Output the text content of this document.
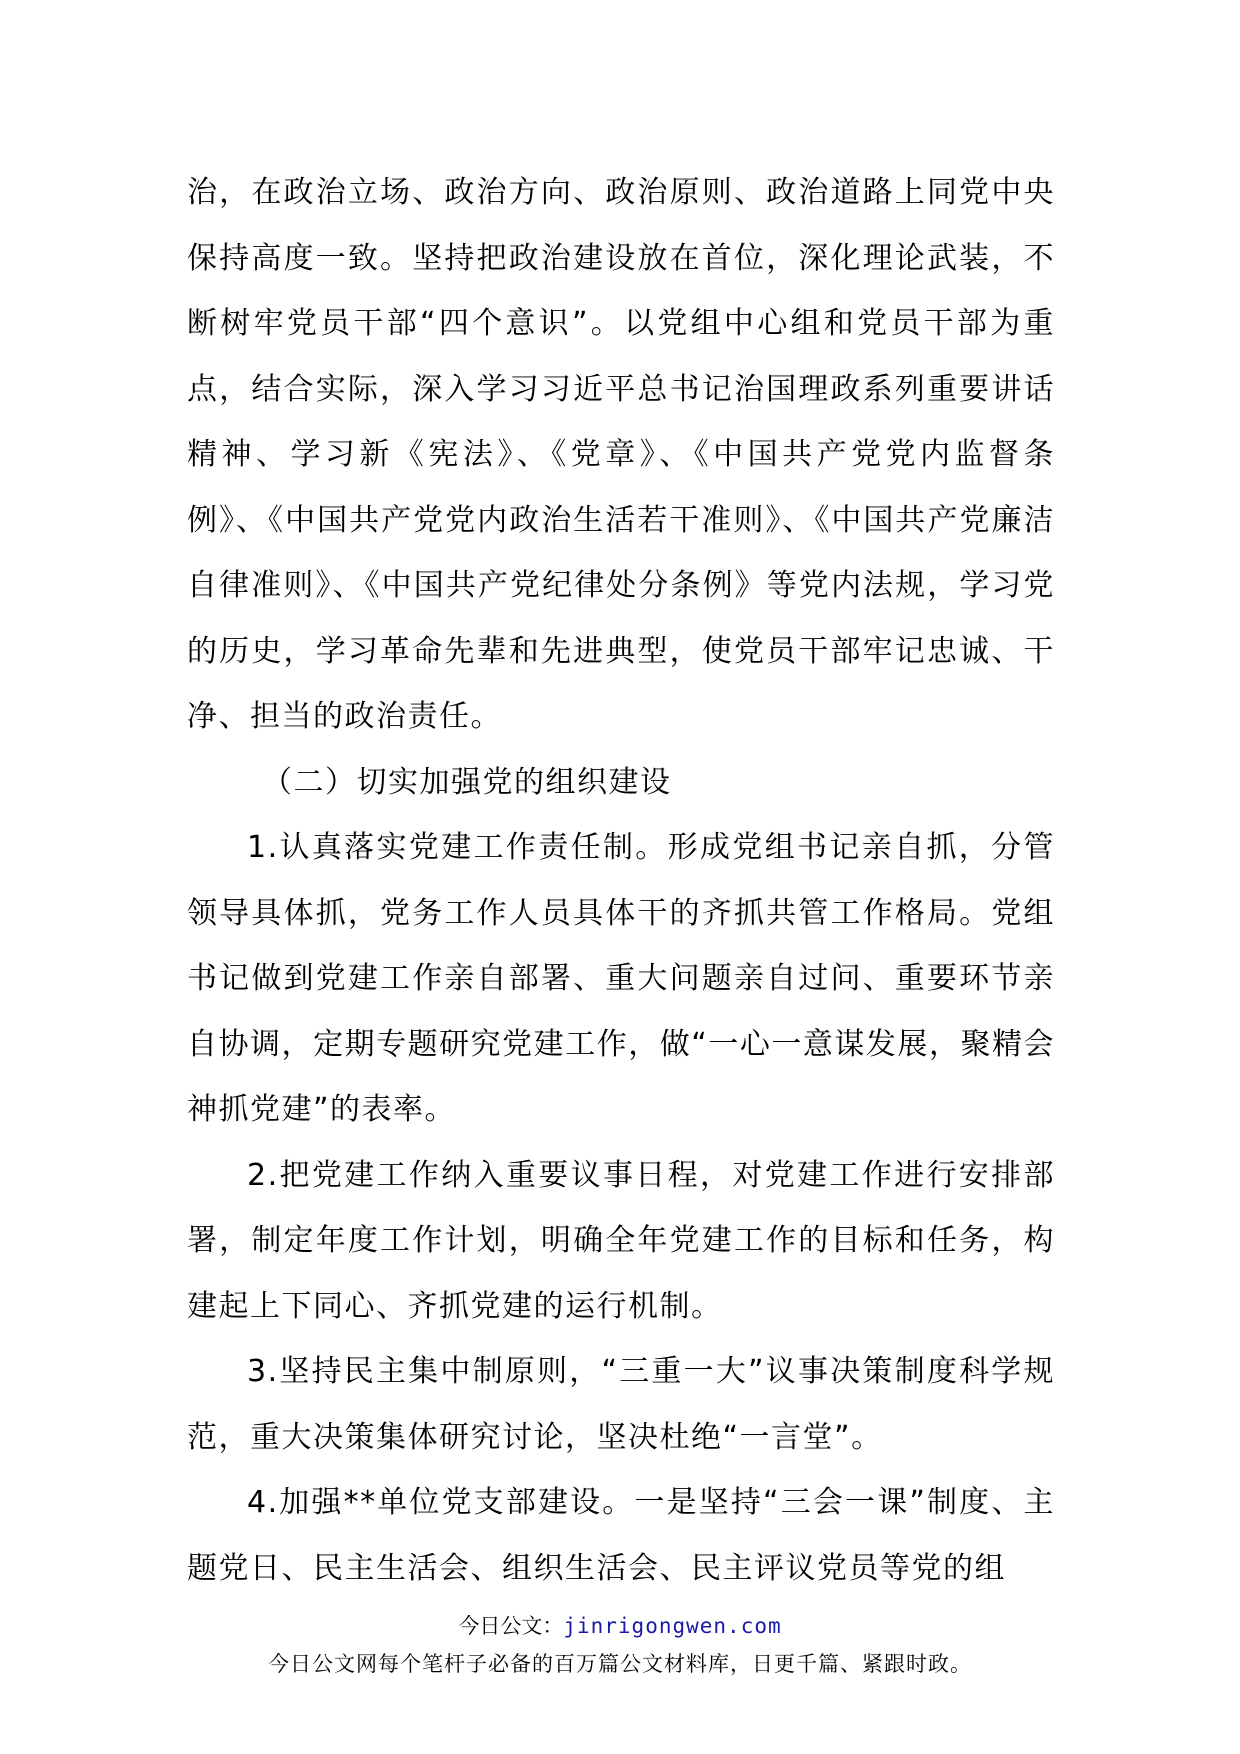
治，在政治立场、政治方向、政治原则、政治道路上同党中央保持高度一致。坚持把政治建设放在首位，深化理论武装，不断树牢党员干部“四个意识”。以党组中心组和党员干部为重点，结合实际，深入学习习近平总书记治国理政系列重要讲话精神、学习新《宪法》、《党章》、《中国共产党党内监督条例》、《中国共产党党内政治生活若干准则》、《中国共产党廉洁自律准则》、《中国共产党纪律处分条例》等党内法规，学习党的历史，学习革命先辈和先进典型，使党员干部牢记忠诚、干净、担当的政治责任。

（二）切实加强党的组织建设

1.认真落实党建工作责任制。形成党组书记亲自抓，分管领导具体抓，党务工作人员具体干的齐抓共管工作格局。党组书记做到党建工作亲自部署、重大问题亲自过问、重要环节亲自协调，定期专题研究党建工作，做“一心一意谋发展，聚精会神抓党建”的表率。

2.把党建工作纳入重要议事日程，对党建工作进行安排部署，制定年度工作计划，明确全年党建工作的目标和任务，构建起上下同心、齐抓党建的运行机制。

3.坚持民主集中制原则，“三重一大”议事决策制度科学规范，重大决策集体研究讨论，坚决杜绝“一言堂”。

4.加强**单位党支部建设。一是坚持“三会一课”制度、主题党日、民主生活会、组织生活会、民主评议党员等党的组

今日公文：jinrigongwen.com
今日公文网每个笔杆子必备的百万篇公文材料库，日更千篇、紧跟时政。
